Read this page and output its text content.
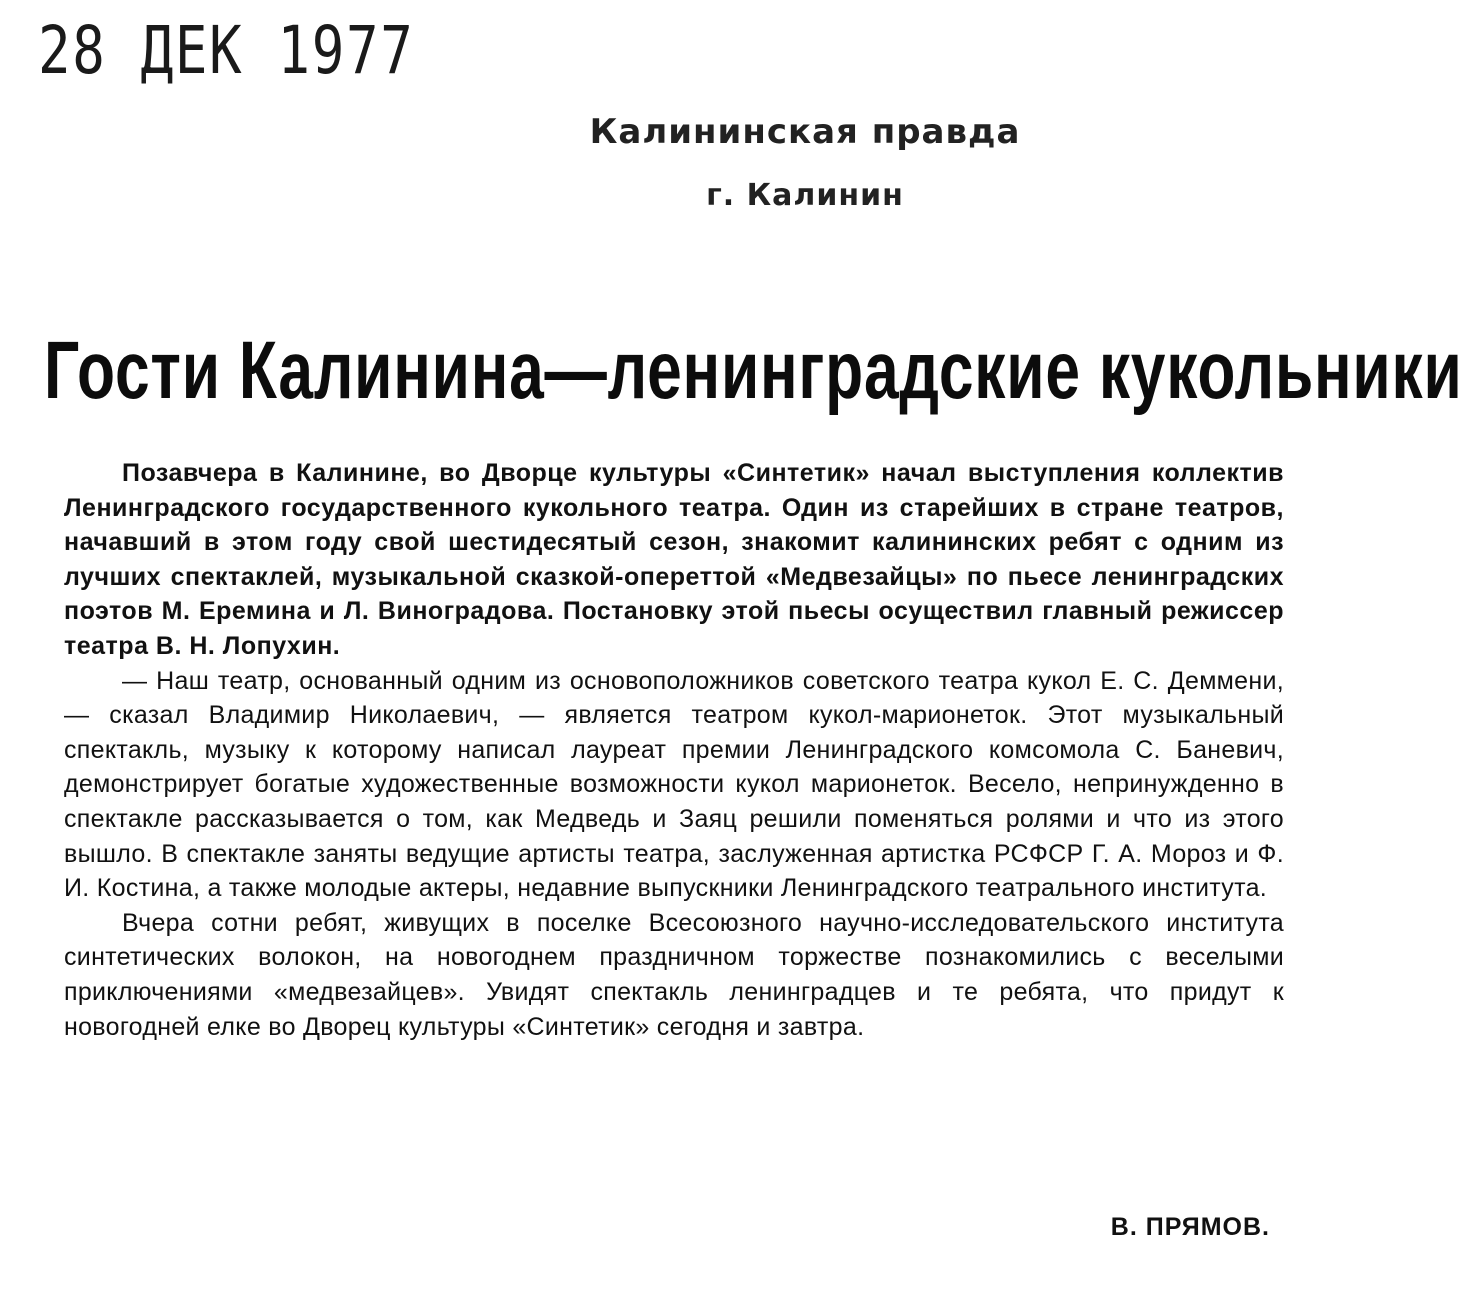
28 ДЕК 1977
Калининская правда
г. Калинин
Гости Калинина—ленинградские кукольники

Позавчера в Калинине, во Дворце культуры «Синтетик» начал выступления коллектив Ленинградского государственного кукольного театра. Один из старейших в стране театров, начавший в этом году свой шестидесятый сезон, знакомит калининских ребят с одним из лучших спектаклей, музыкальной сказкой-опереттой «Медвезайцы» по пьесе ленинградских поэтов М. Еремина и Л. Виноградова. Постановку этой пьесы осуществил главный режиссер театра В. Н. Лопухин.

— Наш театр, основанный одним из основоположников советского театра кукол Е. С. Деммени, — сказал Владимир Николаевич, — является театром кукол-марионеток. Этот музыкальный спектакль, музыку к которому написал лауреат премии Ленинградского комсомола С. Баневич, демонстрирует богатые художественные возможности кукол марионеток. Весело, непринужденно в спектакле рассказывается о том, как Медведь и Заяц решили поменяться ролями и что из этого вышло. В спектакле заняты ведущие артисты театра, заслуженная артистка РСФСР Г. А. Мороз и Ф. И. Костина, а также молодые актеры, недавние выпускники Ленинградского театрального института.

Вчера сотни ребят, живущих в поселке Всесоюзного научно-исследовательского института синтетических волокон, на новогоднем праздничном торжестве познакомились с веселыми приключениями «медвезайцев». Увидят спектакль ленинградцев и те ребята, что придут к новогодней елке во Дворец культуры «Синтетик» сегодня и завтра.

В. ПРЯМОВ.
